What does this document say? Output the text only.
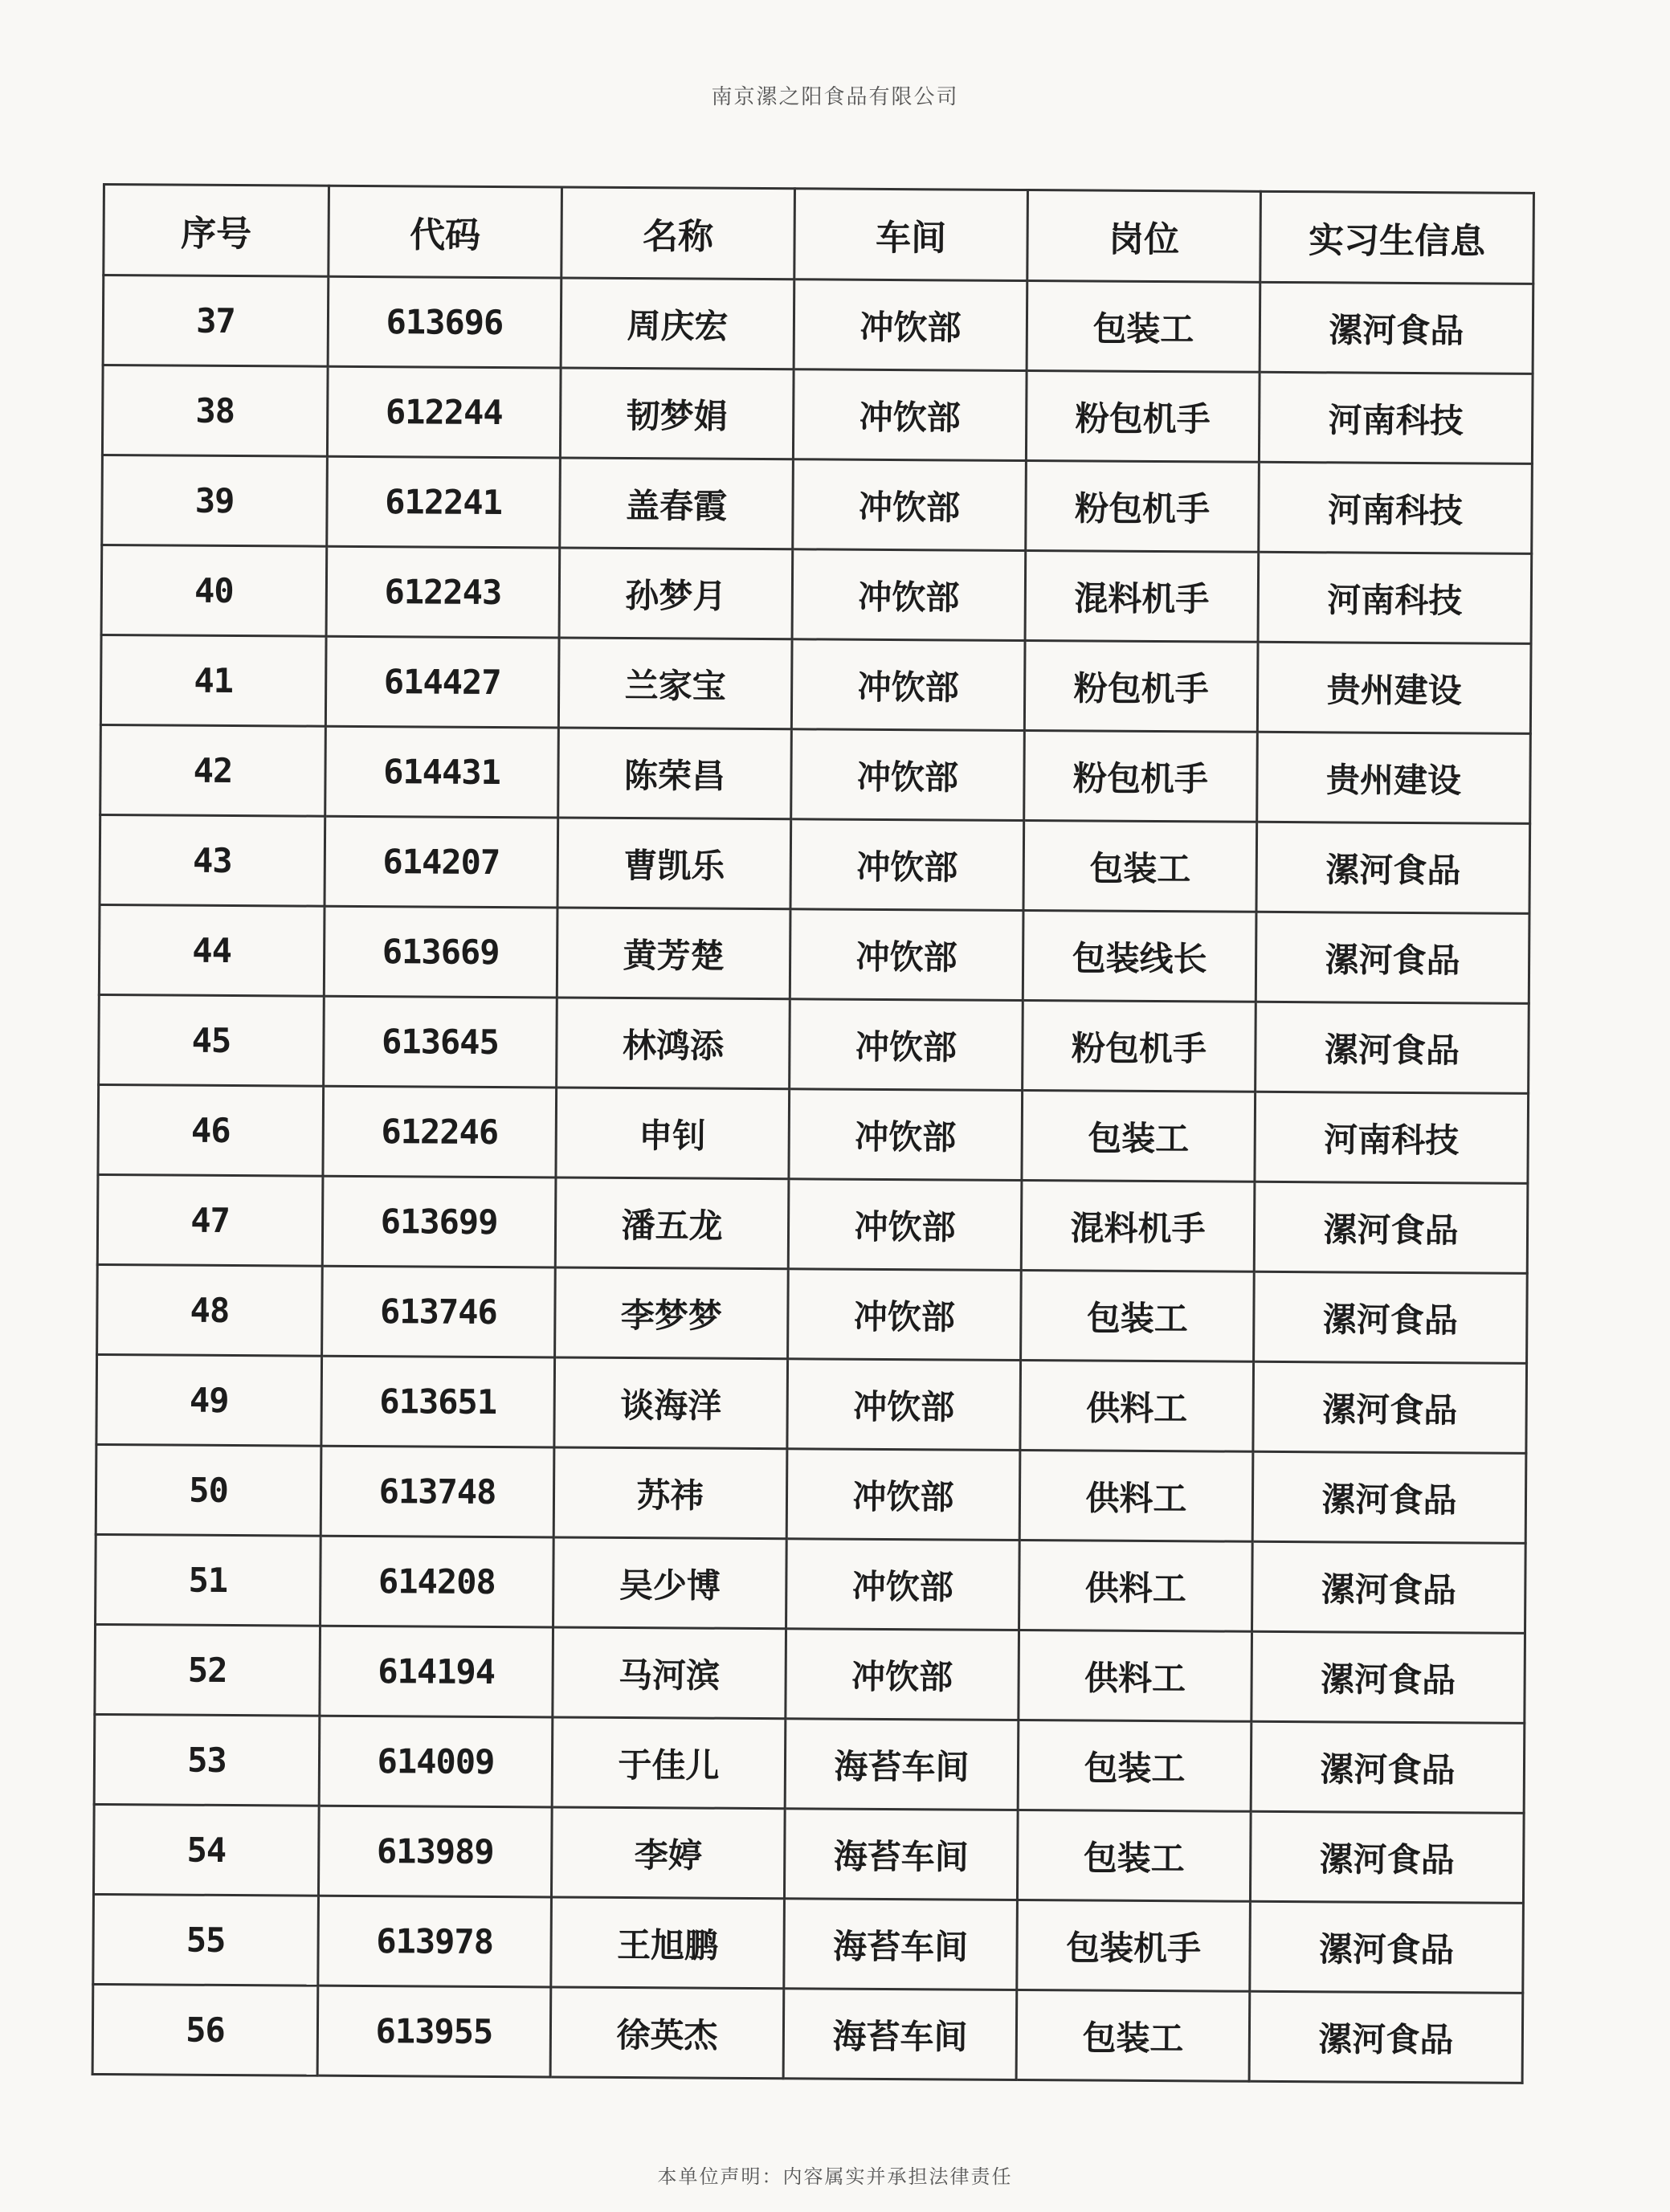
南京漯之阳食品有限公司
序号	代码	名称	车间	岗位	实习生信息
37	613696	周庆宏	冲饮部	包装工	漯河食品
38	612244	韧梦娟	冲饮部	粉包机手	河南科技
39	612241	盖春霞	冲饮部	粉包机手	河南科技
40	612243	孙梦月	冲饮部	混料机手	河南科技
41	614427	兰家宝	冲饮部	粉包机手	贵州建设
42	614431	陈荣昌	冲饮部	粉包机手	贵州建设
43	614207	曹凯乐	冲饮部	包装工	漯河食品
44	613669	黄芳楚	冲饮部	包装线长	漯河食品
45	613645	林鸿添	冲饮部	粉包机手	漯河食品
46	612246	申钊	冲饮部	包装工	河南科技
47	613699	潘五龙	冲饮部	混料机手	漯河食品
48	613746	李梦梦	冲饮部	包装工	漯河食品
49	613651	谈海洋	冲饮部	供料工	漯河食品
50	613748	苏祎	冲饮部	供料工	漯河食品
51	614208	吴少博	冲饮部	供料工	漯河食品
52	614194	马河滨	冲饮部	供料工	漯河食品
53	614009	于佳儿	海苔车间	包装工	漯河食品
54	613989	李婷	海苔车间	包装工	漯河食品
55	613978	王旭鹏	海苔车间	包装机手	漯河食品
56	613955	徐英杰	海苔车间	包装工	漯河食品
本单位声明：内容属实并承担法律责任
